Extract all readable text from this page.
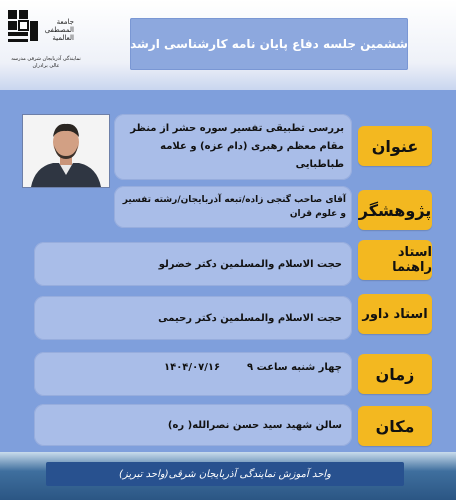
جامعة المصطفى العالمية
نمایندگی آذربایجان شرقی مدرسه عالی برادران
ششمین جلسه دفاع پایان نامه کارشناسی ارشد
عنوان
بررسی تطبیقی تفسیر سوره حشر از منظر مقام معظم رهبری (دام عزه) و علامه طباطبایی
پژوهشگر
آقای صاحب گنجی زاده/تبعه آذربایجان/رشته تفسیر و علوم قران
استاد راهنما
حجت الاسلام والمسلمین دکتر خضرلو
استاد داور
حجت الاسلام والمسلمین دکتر رحیمی
زمان
چهار شنبه ساعت ۹
۱۴۰۴/۰۷/۱۶
مکان
سالن شهید سید حسن نصرالله( ره)
واحد آموزش نمایندگی آذربایجان شرقی(واحد تبریز)
